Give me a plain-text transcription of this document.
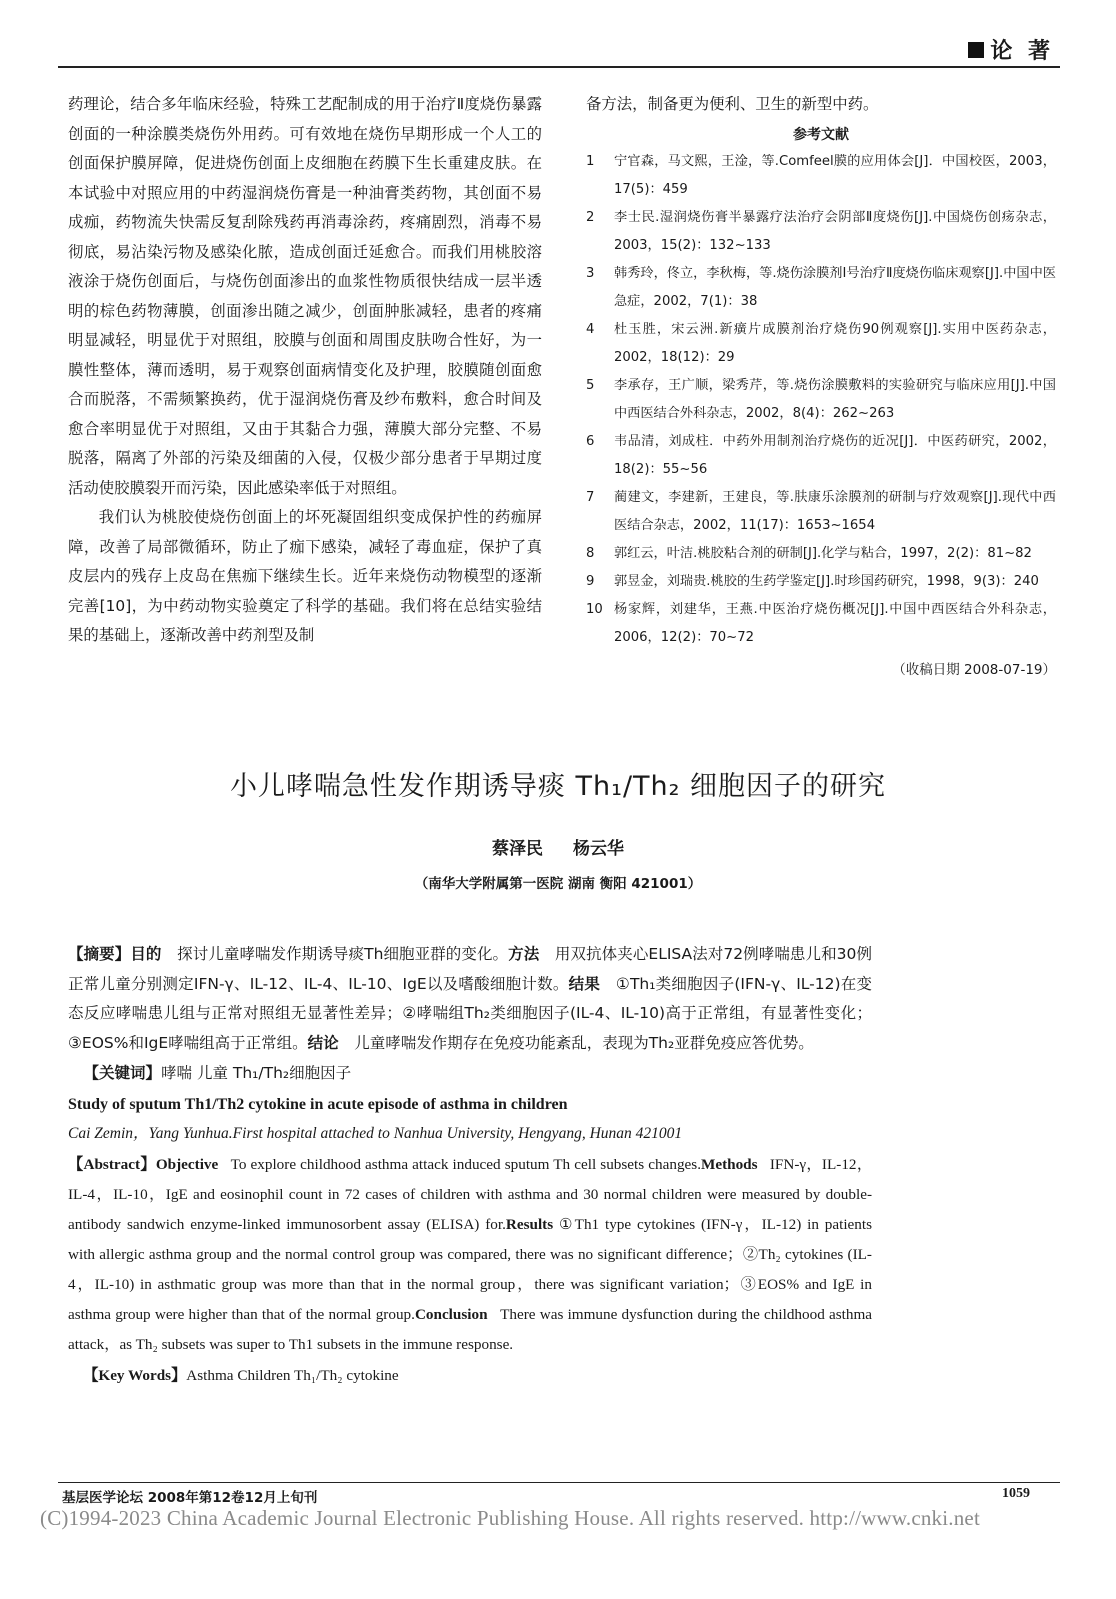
论 著

药理论，结合多年临床经验，特殊工艺配制成的用于治疗Ⅱ度烧伤暴露创面的一种涂膜类烧伤外用药。可有效地在烧伤早期形成一个人工的创面保护膜屏障，促进烧伤创面上皮细胞在药膜下生长重建皮肤。在本试验中对照应用的中药湿润烧伤膏是一种油膏类药物，其创面不易成痂，药物流失快需反复刮除残药再消毒涂药，疼痛剧烈，消毒不易彻底，易沾染污物及感染化脓，造成创面迁延愈合。而我们用桃胶溶液涂于烧伤创面后，与烧伤创面渗出的血浆性物质很快结成一层半透明的棕色药物薄膜，创面渗出随之减少，创面肿胀减轻，患者的疼痛明显减轻，明显优于对照组，胶膜与创面和周围皮肤吻合性好，为一膜性整体，薄而透明，易于观察创面病情变化及护理，胶膜随创面愈合而脱落，不需频繁换药，优于湿润烧伤膏及纱布敷料，愈合时间及愈合率明显优于对照组，又由于其黏合力强，薄膜大部分完整、不易脱落，隔离了外部的污染及细菌的入侵，仅极少部分患者于早期过度活动使胶膜裂开而污染，因此感染率低于对照组。

我们认为桃胶使烧伤创面上的坏死凝固组织变成保护性的药痂屏障，改善了局部微循环，防止了痂下感染，减轻了毒血症，保护了真皮层内的残存上皮岛在焦痂下继续生长。近年来烧伤动物模型的逐渐完善[10]，为中药动物实验奠定了科学的基础。我们将在总结实验结果的基础上，逐渐改善中药剂型及制

备方法，制备更为便利、卫生的新型中药。

参考文献

1	宁官森，马文熙，王淦，等.Comfeel膜的应用体会[J]．中国校医，2003，17(5)：459
2	李士民.湿润烧伤膏半暴露疗法治疗会阴部Ⅱ度烧伤[J].中国烧伤创疡杂志，2003，15(2)：132~133
3	韩秀玲，佟立，李秋梅，等.烧伤涂膜剂Ⅰ号治疗Ⅱ度烧伤临床观察[J].中国中医急症，2002，7(1)：38
4	杜玉胜，宋云洲.新癀片成膜剂治疗烧伤90例观察[J].实用中医药杂志，2002，18(12)：29
5	李承存，王广顺，梁秀芹，等.烧伤涂膜敷料的实验研究与临床应用[J].中国中西医结合外科杂志，2002，8(4)：262~263
6	韦品清，刘成柱．中药外用制剂治疗烧伤的近况[J]．中医药研究，2002，18(2)：55~56
7	蔺建文，李建新，王建良，等.肤康乐涂膜剂的研制与疗效观察[J].现代中西医结合杂志，2002，11(17)：1653~1654
8	郭红云，叶洁.桃胶粘合剂的研制[J].化学与粘合，1997，2(2)：81~82
9	郭昱金，刘瑞贵.桃胶的生药学鉴定[J].时珍国药研究，1998，9(3)：240
10 杨家辉，刘建华，王燕.中医治疗烧伤概况[J].中国中西医结合外科杂志，2006，12(2)：70~72

（收稿日期 2008-07-19）

小儿哮喘急性发作期诱导痰 Th₁/Th₂ 细胞因子的研究
蔡泽民 杨云华
（南华大学附属第一医院 湖南 衡阳 421001）

【摘要】目的　 探讨儿童哮喘发作期诱导痰Th细胞亚群的变化。方法　 用双抗体夹心ELISA法对72例哮喘患儿和30例正常儿童分别测定IFN-γ、IL-12、IL-4、IL-10、IgE以及嗜酸细胞计数。结果　 ①Th₁类细胞因子(IFN-γ、IL-12)在变态反应哮喘患儿组与正常对照组无显著性差异；②哮喘组Th₂类细胞因子(IL-4、IL-10)高于正常组，有显著性变化；③EOS%和IgE哮喘组高于正常组。结论　 儿童哮喘发作期存在免疫功能紊乱，表现为Th₂亚群免疫应答优势。

【关键词】哮喘 儿童 Th₁/Th₂细胞因子

Study of sputum Th1/Th2 cytokine in acute episode of asthma in children

Cai Zemin，Yang Yunhua.First hospital attached to Nanhua University, Hengyang, Hunan 421001

【Abstract】Objective To explore childhood asthma attack induced sputum Th cell subsets changes.Methods IFN-γ，IL-12，IL-4，IL-10，IgE and eosinophil count in 72 cases of children with asthma and 30 normal children were measured by double-antibody sandwich enzyme-linked immunosorbent assay (ELISA) for.Results ①Th1 type cytokines (IFN-γ，IL-12) in patients with allergic asthma group and the normal control group was compared, there was no significant difference；②Th₂ cytokines (IL-4，IL-10) in asthmatic group was more than that in the normal group，there was significant variation；③EOS% and IgE in asthma group were higher than that of the normal group.Conclusion There was immune dysfunction during the childhood asthma attack，as Th₂ subsets was super to Th1 subsets in the immune response.

【Key Words】Asthma Children Th₁/Th₂ cytokine

基层医学论坛 2008年第12卷12月上旬刊	1059
(C)1994-2023 China Academic Journal Electronic Publishing House. All rights reserved. http://www.cnki.net
